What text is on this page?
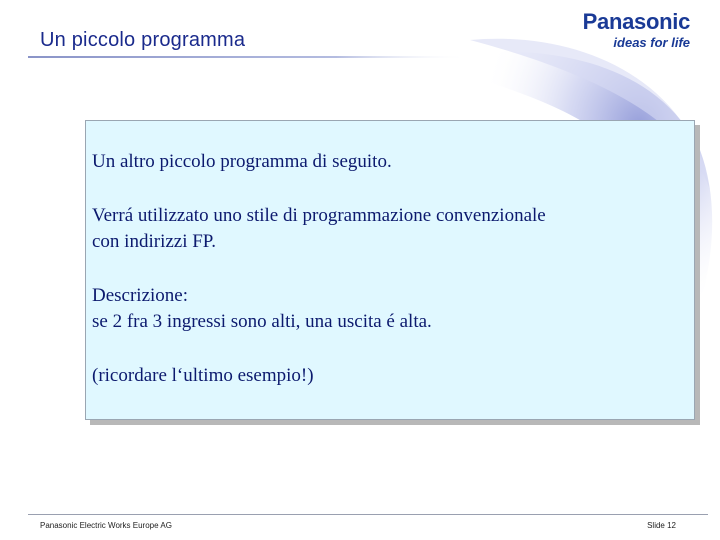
Un piccolo programma
Panasonic
ideas for life

Un altro piccolo programma di seguito.

Verrá utilizzato uno stile di programmazione convenzionale

con indirizzi FP.

Descrizione:

se 2 fra 3 ingressi sono alti, una uscita é alta.

(ricordare l‘ultimo esempio!)

Panasonic Electric Works Europe AG	Slide 12
